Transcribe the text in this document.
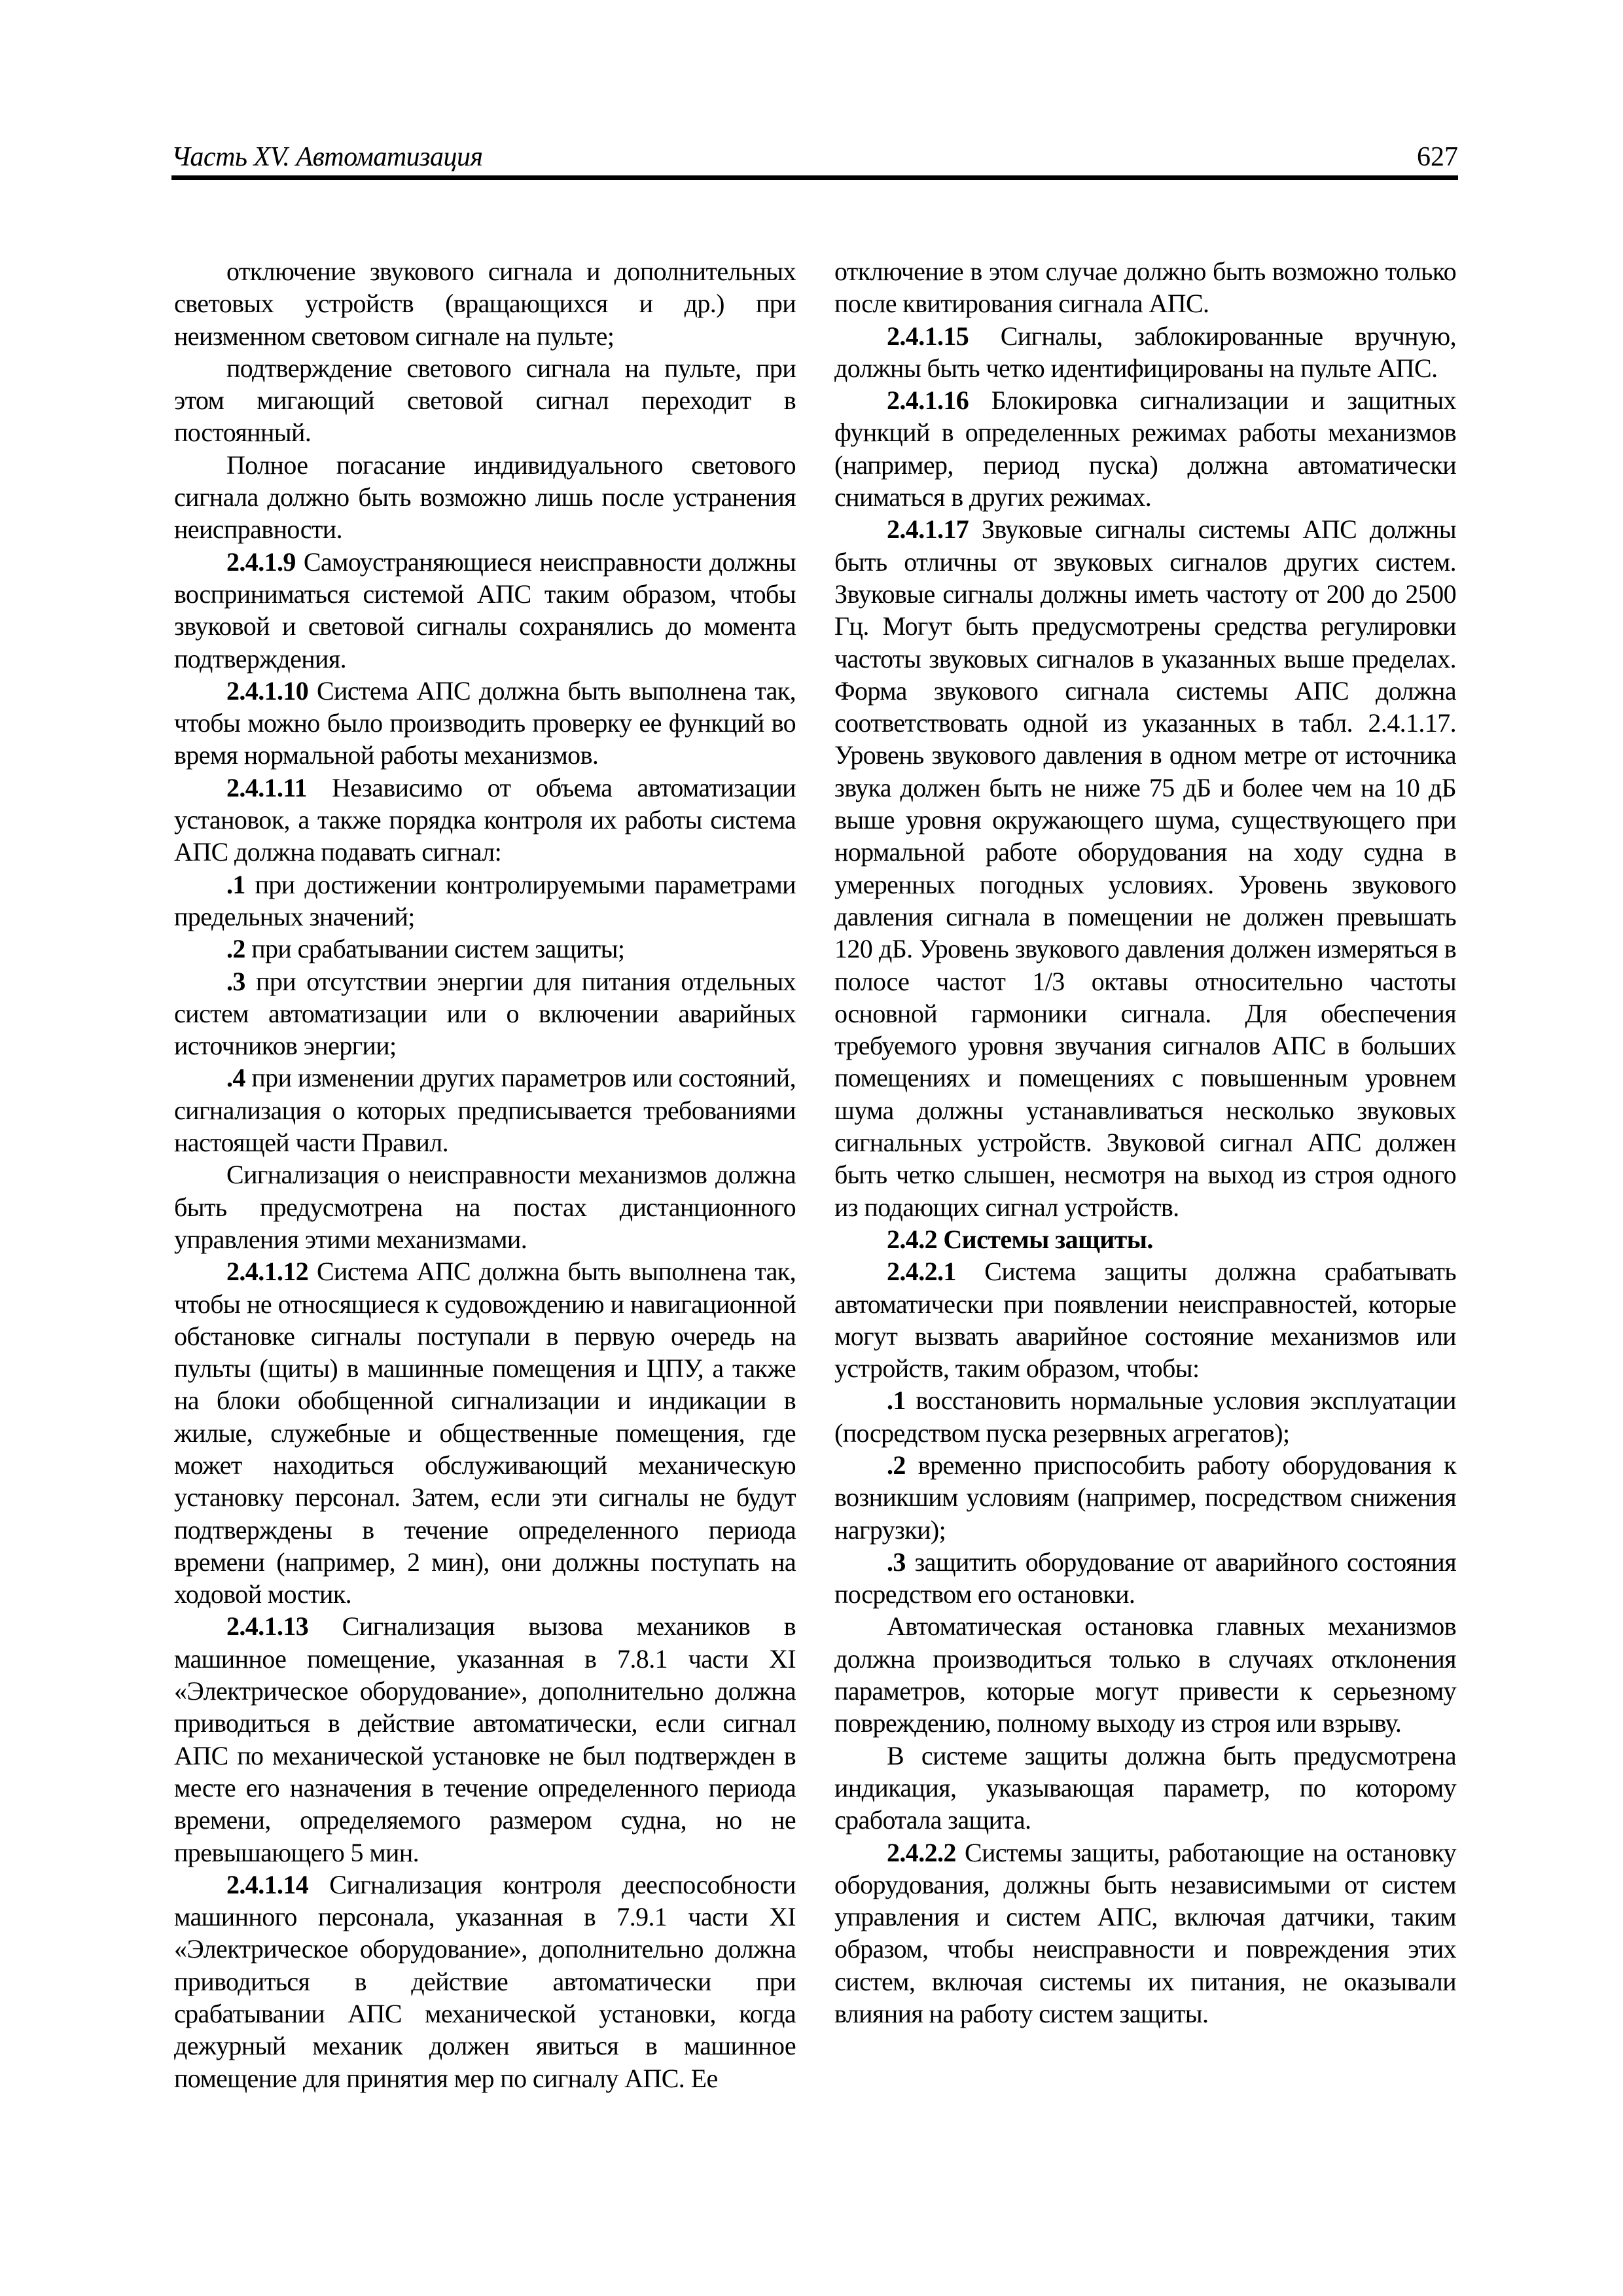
Часть XV. Автоматизация	627

отключение звукового сигнала и дополнительных световых устройств (вращающихся и др.) при неизменном световом сигнале на пульте;

подтверждение светового сигнала на пульте, при этом мигающий световой сигнал переходит в постоянный.

Полное погасание индивидуального светового сигнала должно быть возможно лишь после устранения неисправности.

2.4.1.9 Самоустраняющиеся неисправности должны восприниматься системой АПС таким образом, чтобы звуковой и световой сигналы сохранялись до момента подтверждения.

2.4.1.10 Система АПС должна быть выполнена так, чтобы можно было производить проверку ее функций во время нормальной работы механизмов.

2.4.1.11 Независимо от объема автоматизации установок, а также порядка контроля их работы система АПС должна подавать сигнал:

.1 при достижении контролируемыми параметрами предельных значений;

.2 при срабатывании систем защиты;

.3 при отсутствии энергии для питания отдельных систем автоматизации или о включении аварийных источников энергии;

.4 при изменении других параметров или состояний, сигнализация о которых предписывается требованиями настоящей части Правил.

Сигнализация о неисправности механизмов должна быть предусмотрена на постах дистанционного управления этими механизмами.

2.4.1.12 Система АПС должна быть выполнена так, чтобы не относящиеся к судовождению и навигационной обстановке сигналы поступали в первую очередь на пульты (щиты) в машинные помещения и ЦПУ, а также на блоки обобщенной сигнализации и индикации в жилые, служебные и общественные помещения, где может находиться обслуживающий механическую установку персонал. Затем, если эти сигналы не будут подтверждены в течение определенного периода времени (например, 2 мин), они должны поступать на ходовой мостик.

2.4.1.13 Сигнализация вызова механиков в машинное помещение, указанная в 7.8.1 части XI «Электрическое оборудование», дополнительно должна приводиться в действие автоматически, если сигнал АПС по механической установке не был подтвержден в месте его назначения в течение определенного периода времени, определяемого размером судна, но не превышающего 5 мин.

2.4.1.14 Сигнализация контроля дееспособности машинного персонала, указанная в 7.9.1 части XI «Электрическое оборудование», дополнительно должна приводиться в действие автоматически при срабатывании АПС механической установки, когда дежурный механик должен явиться в машинное помещение для принятия мер по сигналу АПС. Ее

отключение в этом случае должно быть возможно только после квитирования сигнала АПС.

2.4.1.15 Сигналы, заблокированные вручную, должны быть четко идентифицированы на пульте АПС.

2.4.1.16 Блокировка сигнализации и защитных функций в определенных режимах работы механизмов (например, период пуска) должна автоматически сниматься в других режимах.

2.4.1.17 Звуковые сигналы системы АПС должны быть отличны от звуковых сигналов других систем. Звуковые сигналы должны иметь частоту от 200 до 2500 Гц. Могут быть предусмотрены средства регулировки частоты звуковых сигналов в указанных выше пределах. Форма звукового сигнала системы АПС должна соответствовать одной из указанных в табл. 2.4.1.17. Уровень звукового давления в одном метре от источника звука должен быть не ниже 75 дБ и более чем на 10 дБ выше уровня окружающего шума, существующего при нормальной работе оборудования на ходу судна в умеренных погодных условиях. Уровень звукового давления сигнала в помещении не должен превышать 120 дБ. Уровень звукового давления должен измеряться в полосе частот 1/3 октавы относительно частоты основной гармоники сигнала. Для обеспечения требуемого уровня звучания сигналов АПС в больших помещениях и помещениях с повышенным уровнем шума должны устанавливаться несколько звуковых сигнальных устройств. Звуковой сигнал АПС должен быть четко слышен, несмотря на выход из строя одного из подающих сигнал устройств.

2.4.2 Системы защиты.

2.4.2.1 Система защиты должна срабатывать автоматически при появлении неисправностей, которые могут вызвать аварийное состояние механизмов или устройств, таким образом, чтобы:

.1 восстановить нормальные условия эксплуатации (посредством пуска резервных агрегатов);

.2 временно приспособить работу оборудования к возникшим условиям (например, посредством снижения нагрузки);

.3 защитить оборудование от аварийного состояния посредством его остановки.

Автоматическая остановка главных механизмов должна производиться только в случаях отклонения параметров, которые могут привести к серьезному повреждению, полному выходу из строя или взрыву.

В системе защиты должна быть предусмотрена индикация, указывающая параметр, по которому сработала защита.

2.4.2.2 Системы защиты, работающие на остановку оборудования, должны быть независимыми от систем управления и систем АПС, включая датчики, таким образом, чтобы неисправности и повреждения этих систем, включая системы их питания, не оказывали влияния на работу систем защиты.
